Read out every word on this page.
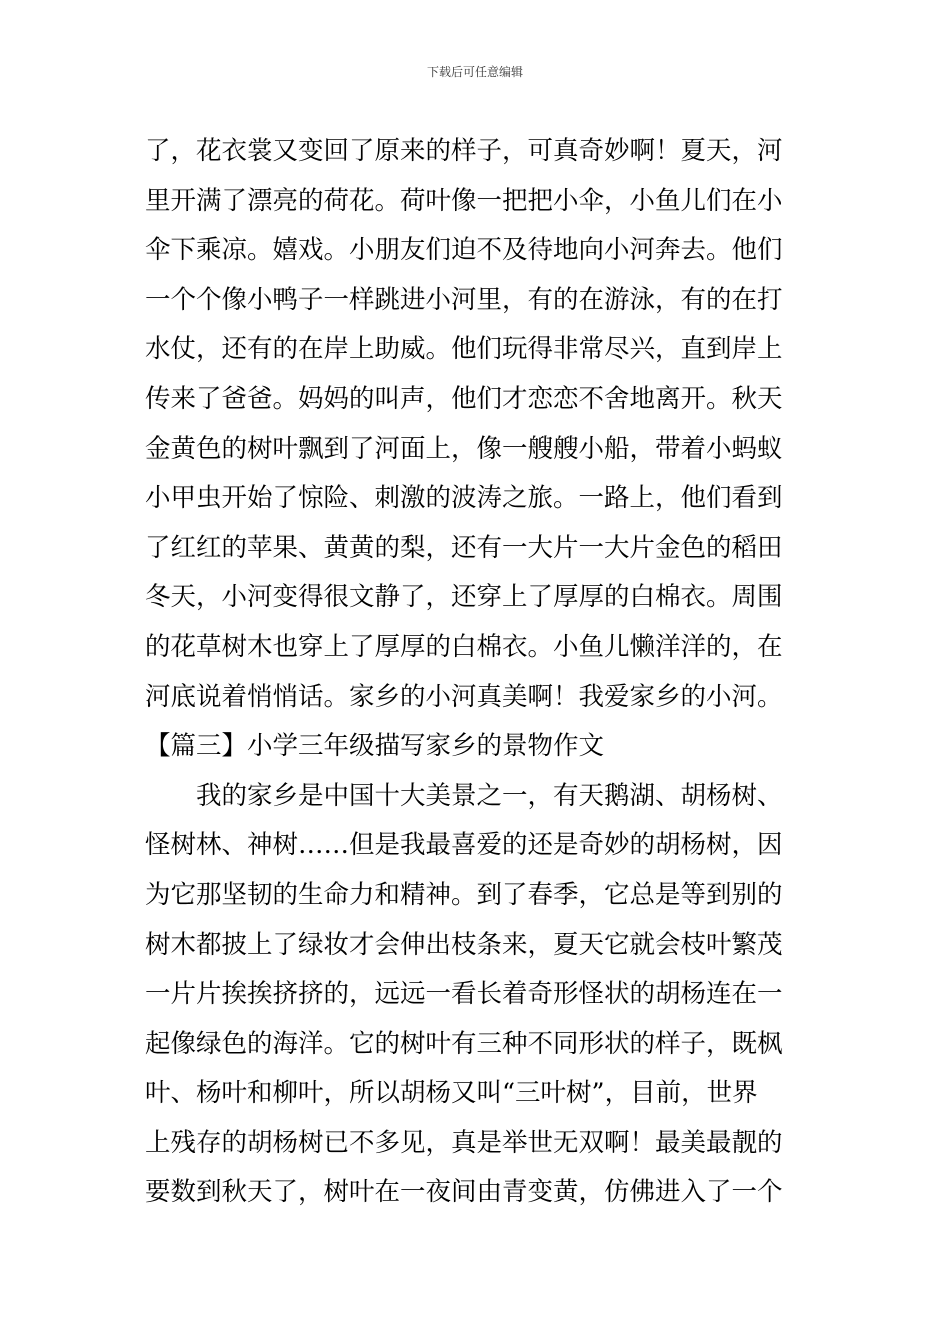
下载后可任意编辑
了，花衣裳又变回了原来的样子，可真奇妙啊！夏天，河
里开满了漂亮的荷花。荷叶像一把把小伞，小鱼儿们在小
伞下乘凉。嬉戏。小朋友们迫不及待地向小河奔去。他们
一个个像小鸭子一样跳进小河里，有的在游泳，有的在打
水仗，还有的在岸上助威。他们玩得非常尽兴，直到岸上
传来了爸爸。妈妈的叫声，他们才恋恋不舍地离开。秋天
金黄色的树叶飘到了河面上，像一艘艘小船，带着小蚂蚁
小甲虫开始了惊险、刺激的波涛之旅。一路上，他们看到
了红红的苹果、黄黄的梨，还有一大片一大片金色的稻田
冬天，小河变得很文静了，还穿上了厚厚的白棉衣。周围
的花草树木也穿上了厚厚的白棉衣。小鱼儿懒洋洋的，在
河底说着悄悄话。家乡的小河真美啊！我爱家乡的小河。
【篇三】小学三年级描写家乡的景物作文
我的家乡是中国十大美景之一，有天鹅湖、胡杨树、
怪树林、神树……但是我最喜爱的还是奇妙的胡杨树，因
为它那坚韧的生命力和精神。到了春季，它总是等到别的
树木都披上了绿妆才会伸出枝条来，夏天它就会枝叶繁茂
一片片挨挨挤挤的，远远一看长着奇形怪状的胡杨连在一
起像绿色的海洋。它的树叶有三种不同形状的样子，既枫
叶、杨叶和柳叶，所以胡杨又叫“三叶树”，目前，世界
上残存的胡杨树已不多见，真是举世无双啊！最美最靓的
要数到秋天了，树叶在一夜间由青变黄，仿佛进入了一个
